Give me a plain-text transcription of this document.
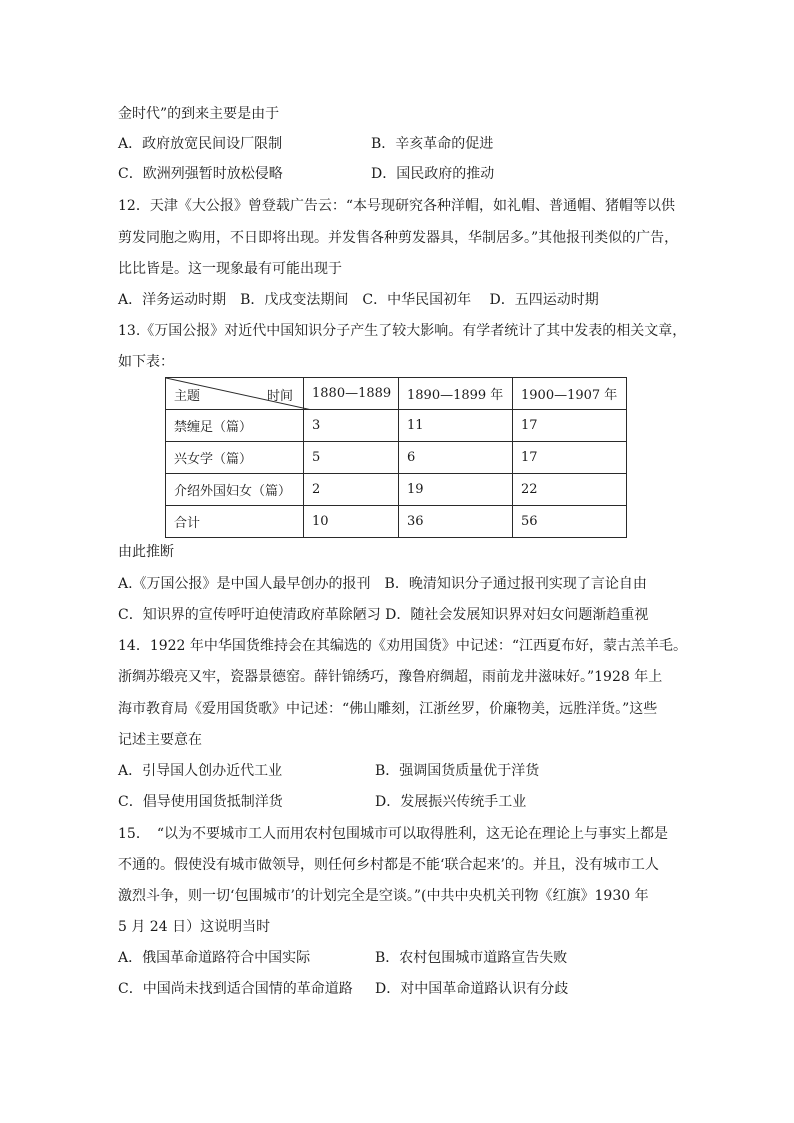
金时代”的到来主要是由于
A．政府放宽民间设厂限制	B．辛亥革命的促进
C．欧洲列强暂时放松侵略	D．国民政府的推动
12．天津《大公报》曾登载广告云：“本号现研究各种洋帽，如礼帽、普通帽、猪帽等以供
剪发同胞之购用，不日即将出现。并发售各种剪发器具，华制居多。”其他报刊类似的广告，
比比皆是。这一现象最有可能出现于
A．洋务运动时期　B．戊戌变法期间　C．中华民国初年　 D．五四运动时期
13.《万国公报》对近代中国知识分子产生了较大影响。有学者统计了其中发表的相关文章，
如下表：
主题 时间	1880—1889	1890—1899 年	1900—1907 年
禁缠足（篇）	3	11	17
兴女学（篇）	5	6	17
介绍外国妇女（篇）	2	19	22
合计	10	36	56
由此推断
A.《万国公报》是中国人最早创办的报刊　B．晚清知识分子通过报刊实现了言论自由
C．知识界的宣传呼吁迫使清政府革除陋习 D．随社会发展知识界对妇女问题渐趋重视
14．1922 年中华国货维持会在其编选的《劝用国货》中记述：“江西夏布好，蒙古羔羊毛。
浙绸苏缎亮又牢，瓷器景德窑。薛针锦绣巧，豫鲁府绸超，雨前龙井滋味好。”1928 年上
海市教育局《爱用国货歌》中记述：“佛山雕刻，江浙丝罗，价廉物美，远胜洋货。”这些
记述主要意在
A．引导国人创办近代工业	B．强调国货质量优于洋货
C．倡导使用国货抵制洋货	D．发展振兴传统手工业
15．　“以为不要城市工人而用农村包围城市可以取得胜利，这无论在理论上与事实上都是
不通的。假使没有城市做领导，则任何乡村都是不能‘联合起来’的。并且，没有城市工人
激烈斗争，则一切‘包围城市’的计划完全是空谈。”(中共中央机关刊物《红旗》1930 年
5 月 24 日）这说明当时
A．俄国革命道路符合中国实际	B．农村包围城市道路宣告失败
C．中国尚未找到适合国情的革命道路 D．对中国革命道路认识有分歧
